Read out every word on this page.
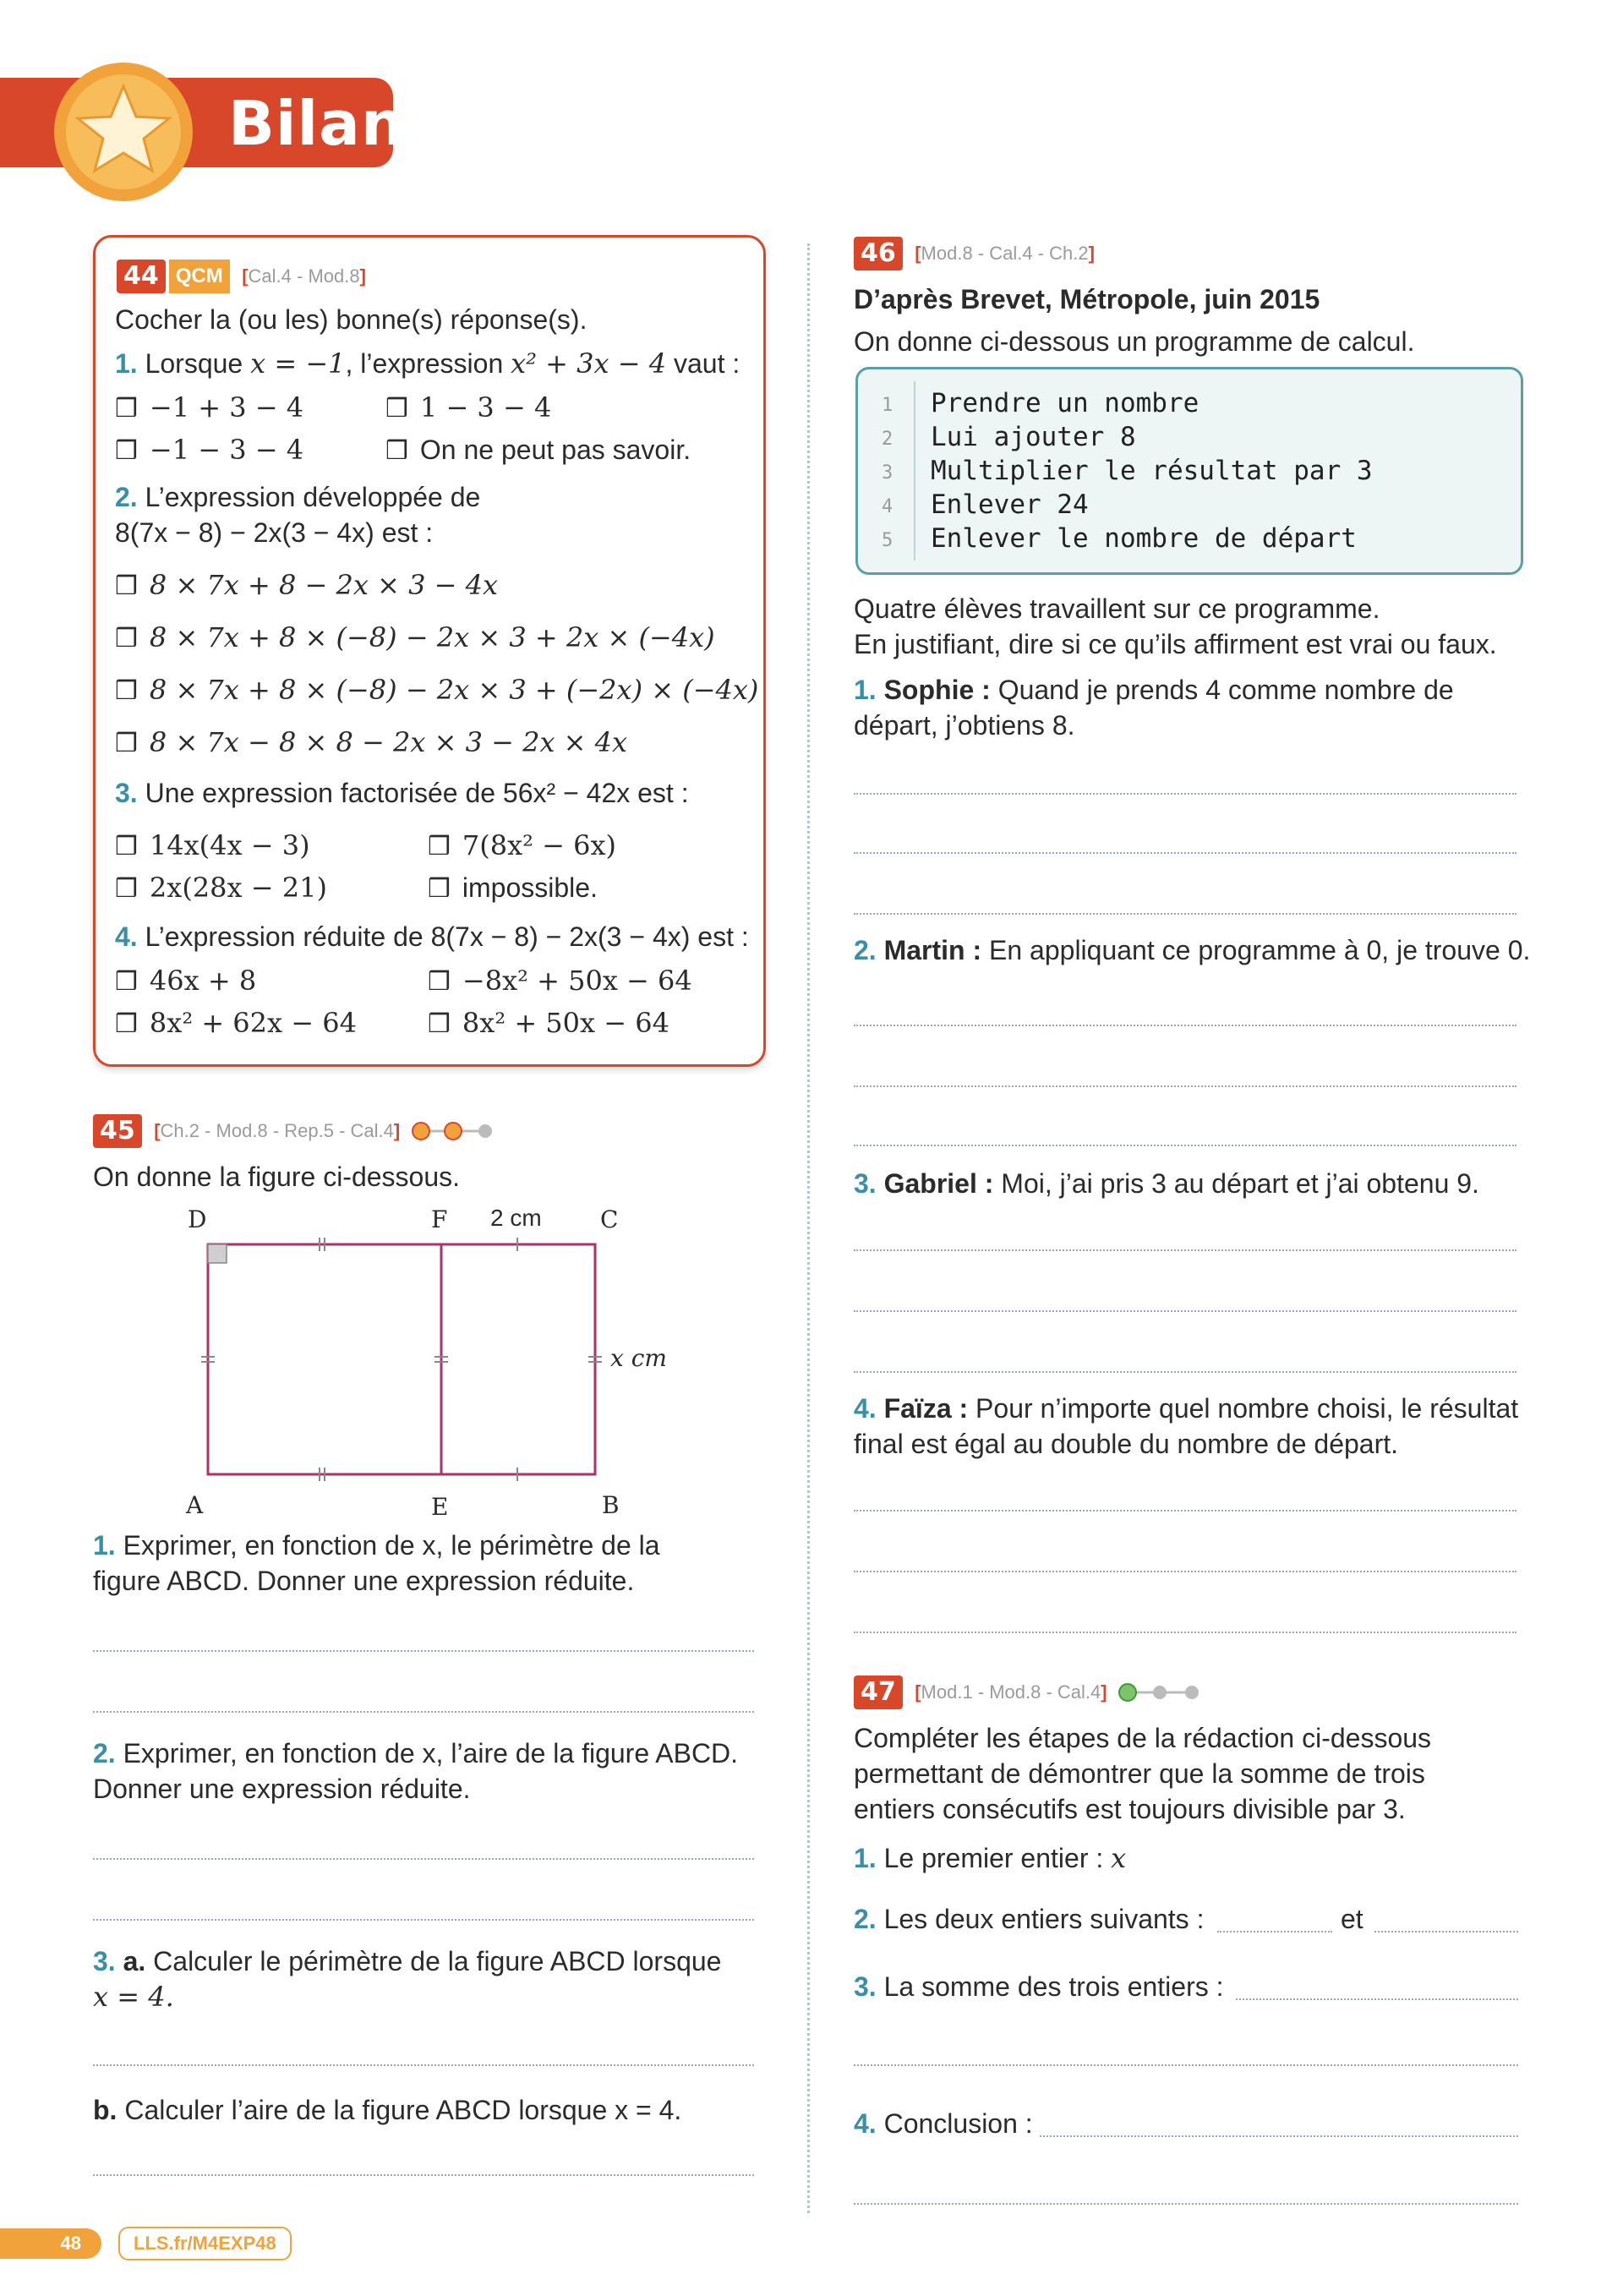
Bilan
44 QCM [Cal.4 - Mod.8]
Cocher la (ou les) bonne(s) réponse(s).
1. Lorsque x = −1, l’expression x² + 3x − 4 vaut :
❒ −1 + 3 − 4	❒ 1 − 3 − 4
❒ −1 − 3 − 4	❒ On ne peut pas savoir.
2. L’expression développée de
8(7x − 8) − 2x(3 − 4x) est :
❒ 8 × 7x + 8 − 2x × 3 − 4x
❒ 8 × 7x + 8 × (−8) − 2x × 3 + 2x × (−4x)
❒ 8 × 7x + 8 × (−8) − 2x × 3 + (−2x) × (−4x)
❒ 8 × 7x − 8 × 8 − 2x × 3 − 2x × 4x
3. Une expression factorisée de 56x² − 42x est :
❒ 14x(4x − 3)	❒ 7(8x² − 6x)
❒ 2x(28x − 21)	❒ impossible.
4. L’expression réduite de 8(7x − 8) − 2x(3 − 4x) est :
❒ 46x + 8	❒ −8x² + 50x − 64
❒ 8x² + 62x − 64	❒ 8x² + 50x − 64
45 [Ch.2 - Mod.8 - Rep.5 - Cal.4]
On donne la figure ci-dessous.
D	F	C
A	E	B
2 cm
x cm
1. Exprimer, en fonction de x, le périmètre de la
figure ABCD. Donner une expression réduite.
2. Exprimer, en fonction de x, l’aire de la figure ABCD.
Donner une expression réduite.
3. a. Calculer le périmètre de la figure ABCD lorsque
x = 4.
b. Calculer l’aire de la figure ABCD lorsque x = 4.
46 [Mod.8 - Cal.4 - Ch.2]
D’après Brevet, Métropole, juin 2015
On donne ci-dessous un programme de calcul.
1 Prendre un nombre
2 Lui ajouter 8
3 Multiplier le résultat par 3
4 Enlever 24
5 Enlever le nombre de départ
Quatre élèves travaillent sur ce programme.
En justifiant, dire si ce qu’ils affirment est vrai ou faux.
1. Sophie : Quand je prends 4 comme nombre de
départ, j’obtiens 8.
2. Martin : En appliquant ce programme à 0, je trouve 0.
3. Gabriel : Moi, j’ai pris 3 au départ et j’ai obtenu 9.
4. Faïza : Pour n’importe quel nombre choisi, le résultat
final est égal au double du nombre de départ.
47 [Mod.1 - Mod.8 - Cal.4]
Compléter les étapes de la rédaction ci-dessous
permettant de démontrer que la somme de trois
entiers consécutifs est toujours divisible par 3.
1. Le premier entier : x
2. Les deux entiers suivants :	et
3. La somme des trois entiers :
4. Conclusion :
48	LLS.fr/M4EXP48
